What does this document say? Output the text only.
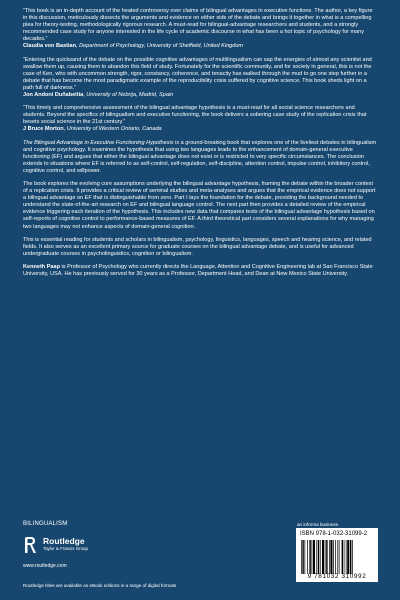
“This book is an in-depth account of the heated controversy over claims of bilingual advantages in executive functions. The author, a key figure in this discussion, meticulously dissects the arguments and evidence on either side of the debate and brings it together in what is a compelling plea for theory-testing, methodologically rigorous research. A must-read for bilingual-advantage researchers and students, and a strongly recommended case study for anyone interested in the life cycle of academic discourse in what has been a hot topic of psychology for many decades.”

Claudia von Bastian, Department of Psychology, University of Sheffield, United Kingdom

“Entering the quicksand of the debate on the possible cognitive advantages of multilingualism can sap the energies of almost any scientist and swallow them up, causing them to abandon this field of study. Fortunately for the scientific community, and for society in general, this is not the case of Ken, who with uncommon strength, rigor, constancy, coherence, and tenacity has walked through the mud to go one step further in a debate that has become the most paradigmatic example of the reproducibility crisis suffered by cognitive science. This book sheds light on a path full of darkness.”

Jon Andoni Duñabeitia, University of Nebrija, Madrid, Spain

“This timely and comprehensive assessment of the bilingual advantage hypothesis is a must-read for all social science researchers and students. Beyond the specifics of bilingualism and executive functioning, the book delivers a sobering case study of the replication crisis that besets social science in the 21st century.”

J Bruce Morton, University of Western Ontario, Canada

The Bilingual Advantage in Executive Functioning Hypothesis is a ground-breaking book that explores one of the liveliest debates in bilingualism and cognitive psychology. It examines the hypothesis that using two languages leads to the enhancement of domain-general executive functioning (EF) and argues that either the bilingual advantage does not exist or is restricted to very specific circumstances. The conclusion extends to situations where EF is referred to as self-control, self-regulation, self-discipline, attention control, impulse control, inhibitory control, cognitive control, and willpower.

The book explores the evolving core assumptions underlying the bilingual advantage hypothesis, framing the debate within the broader context of a replication crisis. It provides a critical review of seminal studies and meta-analyses and argues that the empirical evidence does not support a bilingual advantage on EF that is distinguishable from zero. Part I lays the foundation for the debate, providing the background needed to understand the state-of-the-art research on EF and bilingual language control. The next part then provides a detailed review of the empirical evidence triggering each iteration of the hypothesis. This includes new data that compares tests of the bilingual advantage hypothesis based on self-reports of cognitive control to performance-based measures of EF. A third theoretical part considers several explanations for why managing two languages may not enhance aspects of domain-general cognition.

This is essential reading for students and scholars in bilingualism, psychology, linguistics, languages, speech and hearing science, and related fields. It also serves as an excellent primary source for graduate courses on the bilingual advantage debate, and is useful for advanced undergraduate courses in psycholinguistics, cognition or bilingualism.

Kenneth Paap is Professor of Psychology who currently directs the Language, Attention and Cognitive Engineering lab at San Francisco State University, USA. He has previously served for 30 years as a Professor, Department Head, and Dean at New Mexico State University.

BILINGUALISM
Routledge
Taylor & Francis Group
www.routledge.com
Routledge titles are available as eBook editions in a range of digital formats
an informa business
ISBN 978-1-032-31099-2
9 781032 310992
